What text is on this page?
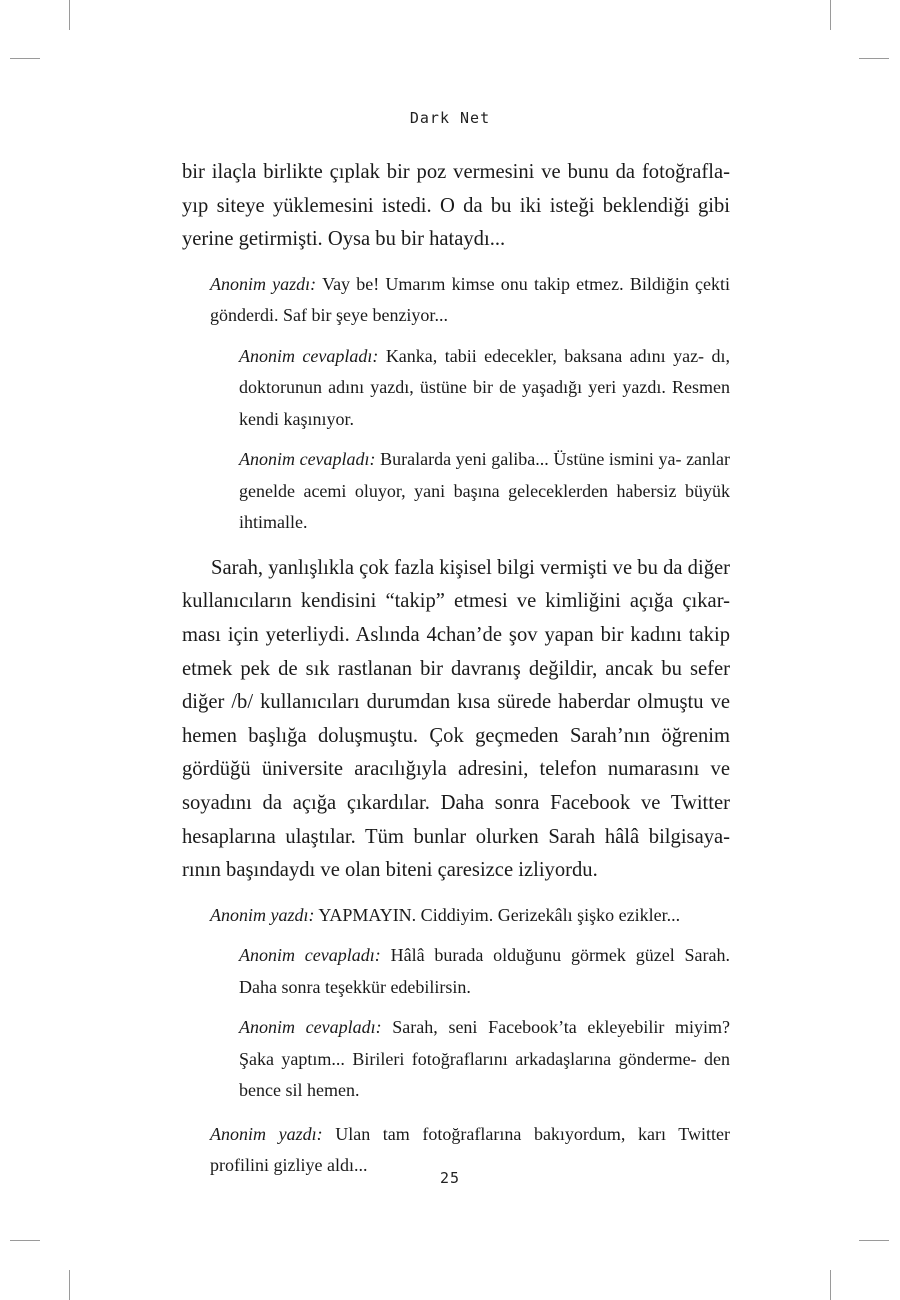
Dark Net

bir ilaçla birlikte çıplak bir poz vermesini ve bunu da fotoğrafla- yıp siteye yüklemesini istedi. O da bu iki isteği beklendiği gibi yerine getirmişti. Oysa bu bir hataydı...

Anonim yazdı: Vay be! Umarım kimse onu takip etmez. Bildiğin çekti gönderdi. Saf bir şeye benziyor...

Anonim cevapladı: Kanka, tabii edecekler, baksana adını yaz- dı, doktorunun adını yazdı, üstüne bir de yaşadığı yeri yazdı. Resmen kendi kaşınıyor.

Anonim cevapladı: Buralarda yeni galiba... Üstüne ismini ya- zanlar genelde acemi oluyor, yani başına geleceklerden habersiz büyük ihtimalle.

Sarah, yanlışlıkla çok fazla kişisel bilgi vermişti ve bu da diğer kullanıcıların kendisini “takip” etmesi ve kimliğini açığa çıkar- ması için yeterliydi. Aslında 4chan’de şov yapan bir kadını takip etmek pek de sık rastlanan bir davranış değildir, ancak bu sefer diğer /b/ kullanıcıları durumdan kısa sürede haberdar olmuştu ve hemen başlığa doluşmuştu. Çok geçmeden Sarah’nın öğrenim gördüğü üniversite aracılığıyla adresini, telefon numarasını ve soyadını da açığa çıkardılar. Daha sonra Facebook ve Twitter hesaplarına ulaştılar. Tüm bunlar olurken Sarah hâlâ bilgisaya- rının başındaydı ve olan biteni çaresizce izliyordu.

Anonim yazdı: YAPMAYIN. Ciddiyim. Gerizekâlı şişko ezikler...

Anonim cevapladı: Hâlâ burada olduğunu görmek güzel Sarah. Daha sonra teşekkür edebilirsin.

Anonim cevapladı: Sarah, seni Facebook’ta ekleyebilir miyim? Şaka yaptım... Birileri fotoğraflarını arkadaşlarına gönderme- den bence sil hemen.

Anonim yazdı: Ulan tam fotoğraflarına bakıyordum, karı Twitter profilini gizliye aldı...

25
